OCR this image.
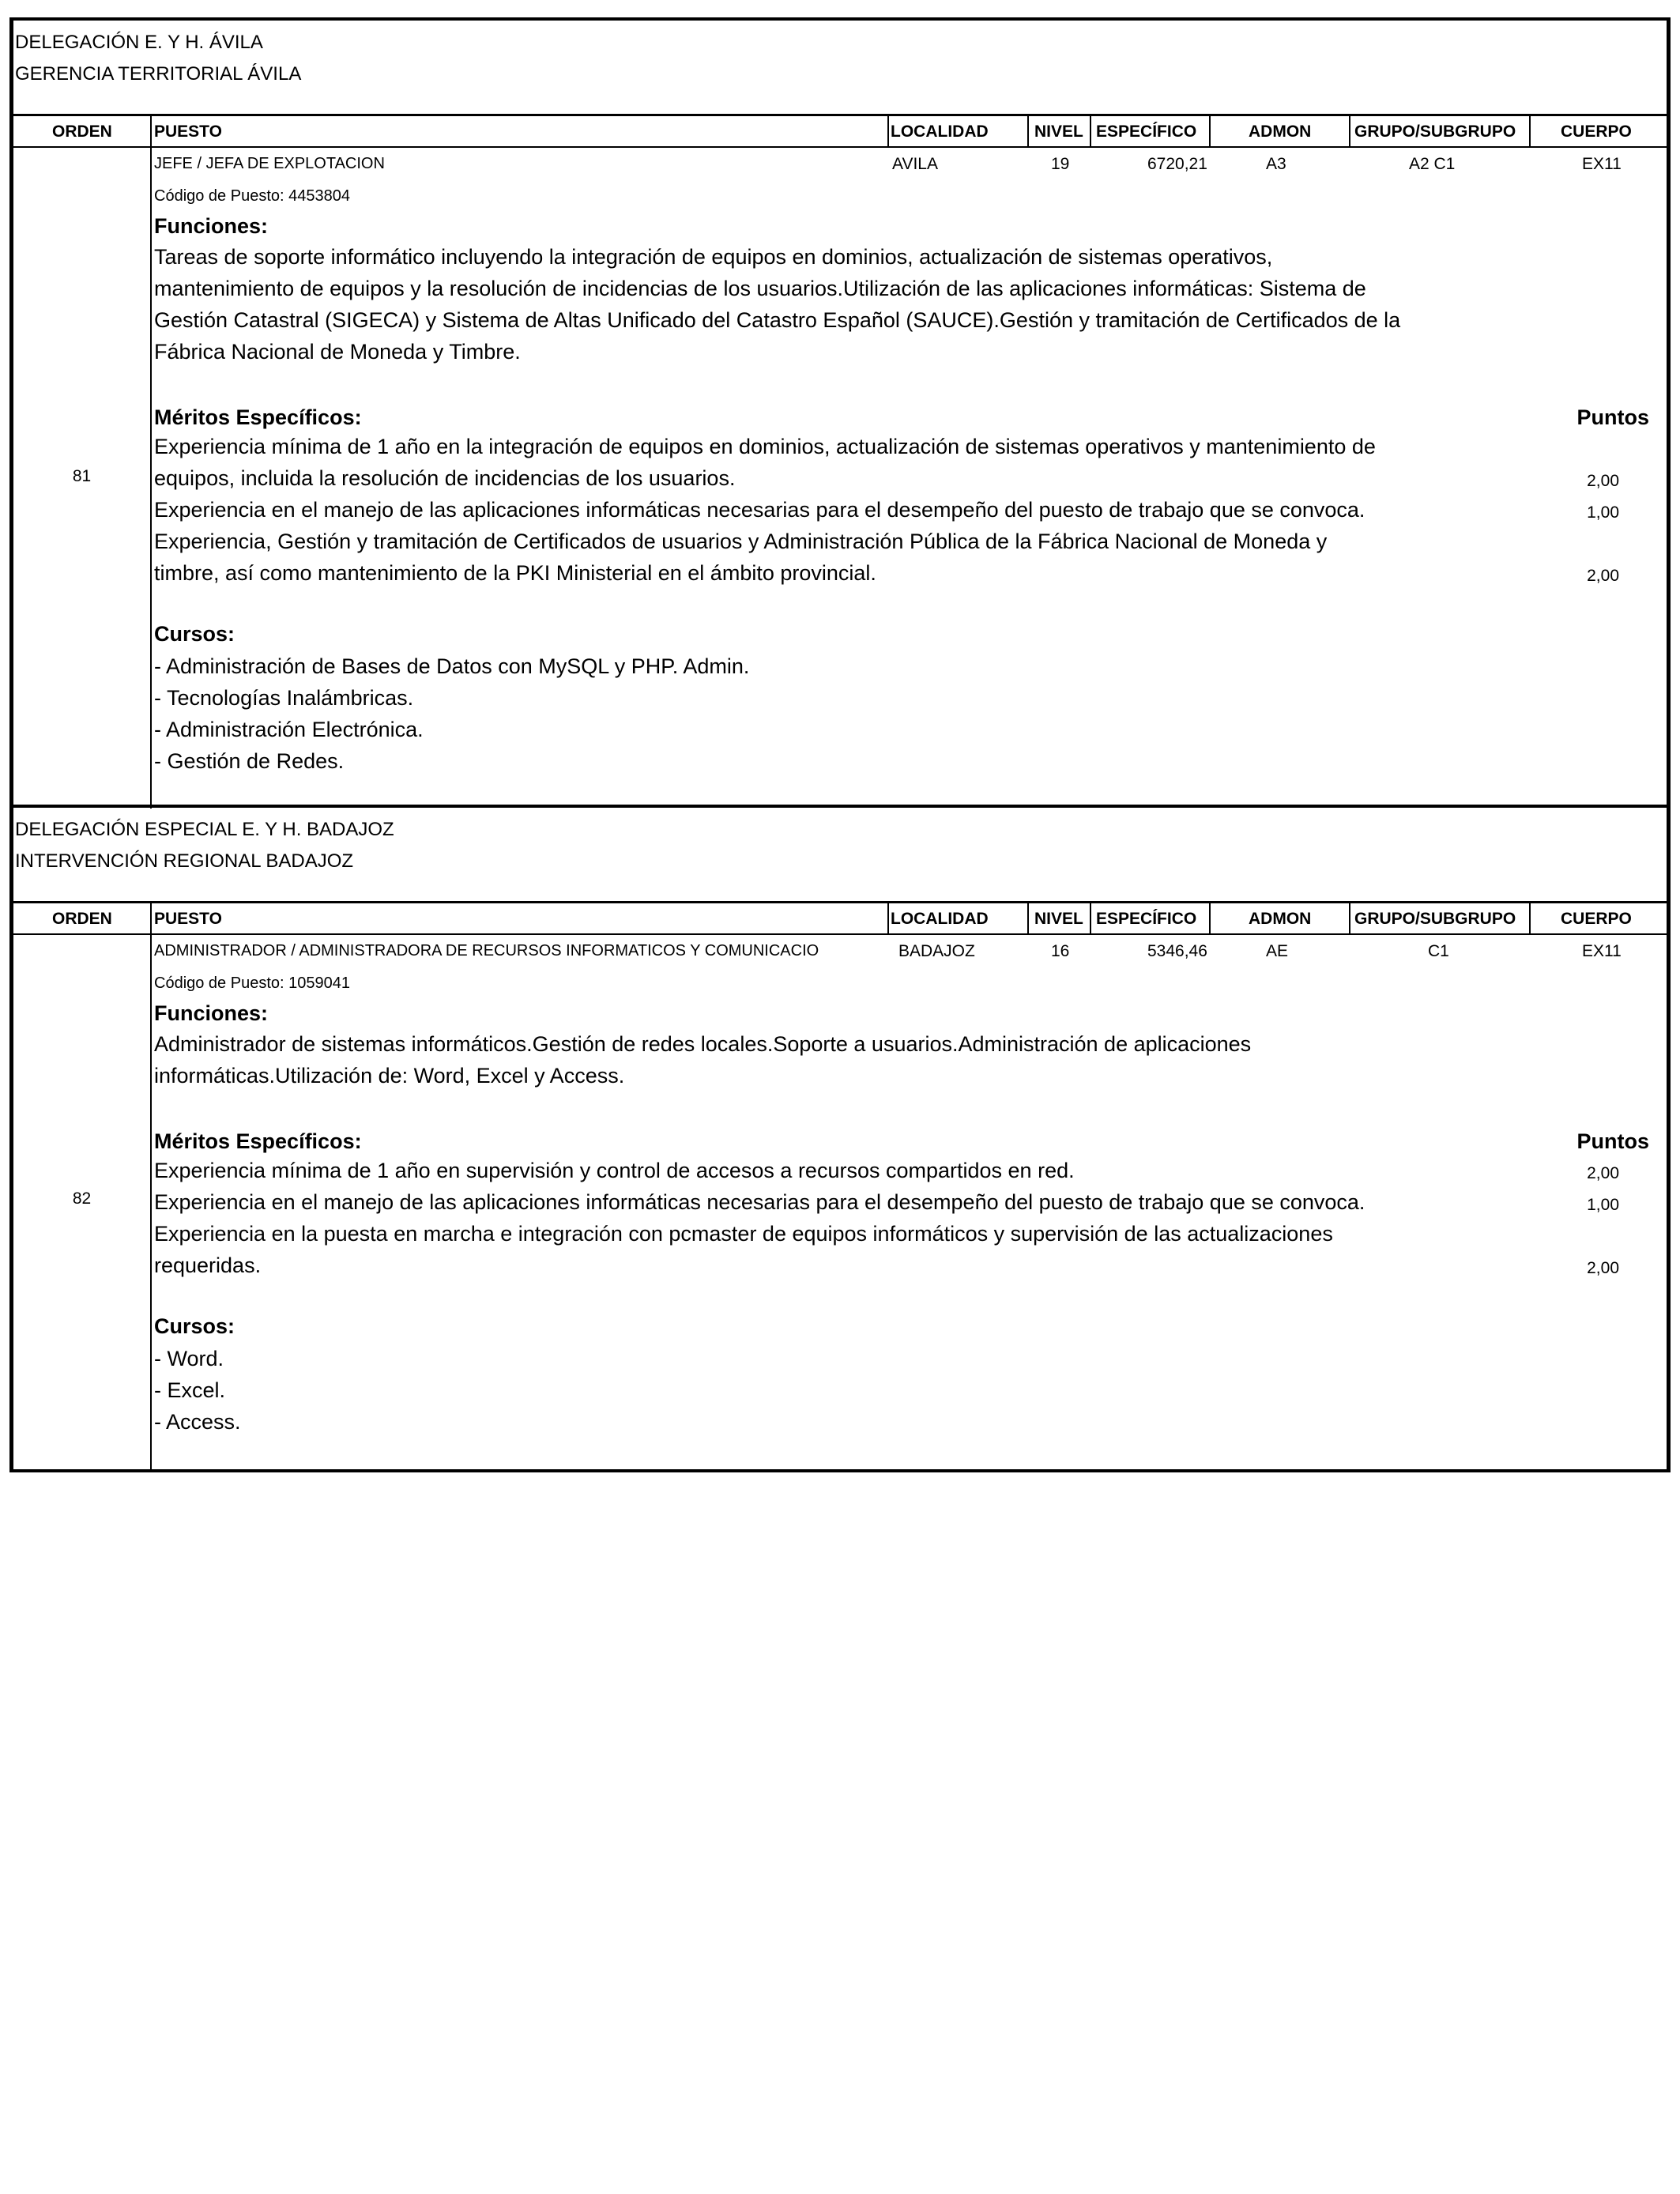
DELEGACIÓN E. Y H. ÁVILA
GERENCIA TERRITORIAL ÁVILA
ORDEN	PUESTO	LOCALIDAD	NIVEL ESPECÍFICO	ADMON	GRUPO/SUBGRUPO	CUERPO
81
JEFE / JEFA DE EXPLOTACION	AVILA	19	6720,21	A3	A2 C1	EX11
Código de Puesto: 4453804
Funciones:
Tareas de soporte informático incluyendo la integración de equipos en dominios, actualización de sistemas operativos,
mantenimiento de equipos y la resolución de incidencias de los usuarios.Utilización de las aplicaciones informáticas: Sistema de
Gestión Catastral (SIGECA) y Sistema de Altas Unificado del Catastro Español (SAUCE).Gestión y tramitación de Certificados de la
Fábrica Nacional de Moneda y Timbre.
Méritos Específicos:	Puntos
Experiencia mínima de 1 año en la integración de equipos en dominios, actualización de sistemas operativos y mantenimiento de
equipos, incluida la resolución de incidencias de los usuarios.	2,00
Experiencia en el manejo de las aplicaciones informáticas necesarias para el desempeño del puesto de trabajo que se convoca.	1,00
Experiencia, Gestión y tramitación de Certificados de usuarios y Administración Pública de la Fábrica Nacional de Moneda y
timbre, así como mantenimiento de la PKI Ministerial en el ámbito provincial.	2,00
Cursos:
- Administración de Bases de Datos con MySQL y PHP. Admin.
- Tecnologías Inalámbricas.
- Administración Electrónica.
- Gestión de Redes.
DELEGACIÓN ESPECIAL E. Y H. BADAJOZ
INTERVENCIÓN REGIONAL BADAJOZ
ORDEN	PUESTO	LOCALIDAD	NIVEL ESPECÍFICO	ADMON	GRUPO/SUBGRUPO	CUERPO
82
ADMINISTRADOR / ADMINISTRADORA DE RECURSOS INFORMATICOS Y COMUNICACIO	BADAJOZ	16	5346,46	AE	C1	EX11
Código de Puesto: 1059041
Funciones:
Administrador de sistemas informáticos.Gestión de redes locales.Soporte a usuarios.Administración de aplicaciones
informáticas.Utilización de: Word, Excel y Access.
Méritos Específicos:	Puntos
Experiencia mínima de 1 año en supervisión y control de accesos a recursos compartidos en red.	2,00
Experiencia en el manejo de las aplicaciones informáticas necesarias para el desempeño del puesto de trabajo que se convoca.	1,00
Experiencia en la puesta en marcha e integración con pcmaster de equipos informáticos y supervisión de las actualizaciones
requeridas.	2,00
Cursos:
- Word.
- Excel.
- Access.
